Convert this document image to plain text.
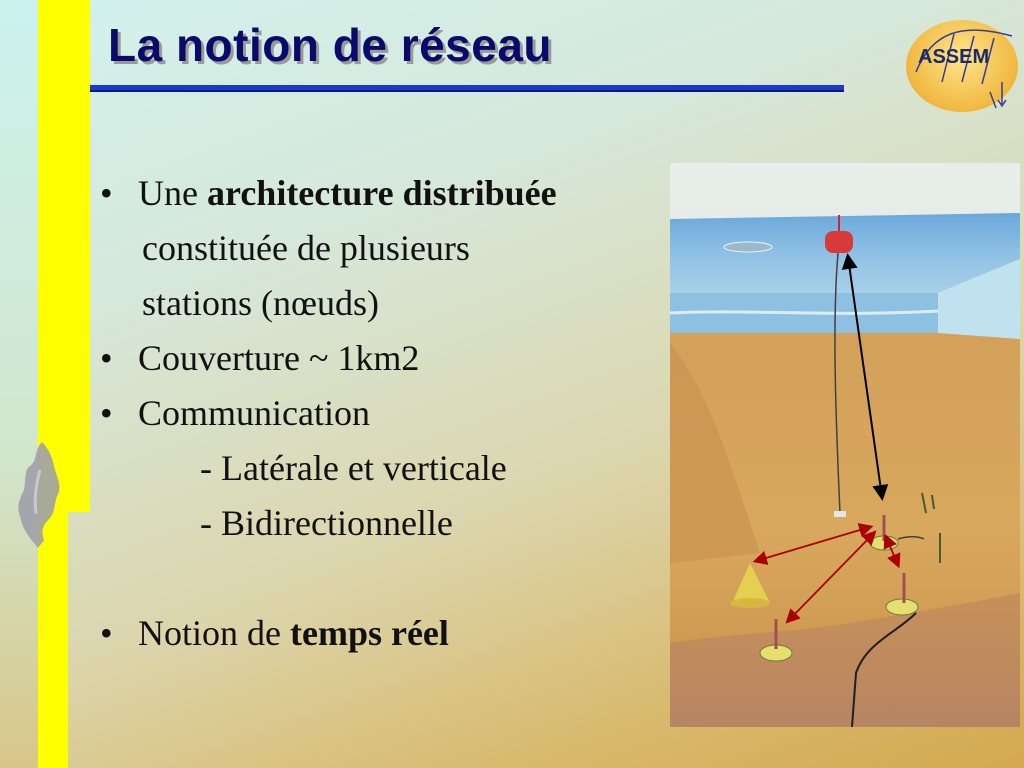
La notion de réseau	ASSEM
• Une architecture distribuée
constituée de plusieurs
stations (nœuds)
• Couverture ~ 1km2
• Communication
- Latérale et verticale
- Bidirectionnelle
• Notion de temps réel
